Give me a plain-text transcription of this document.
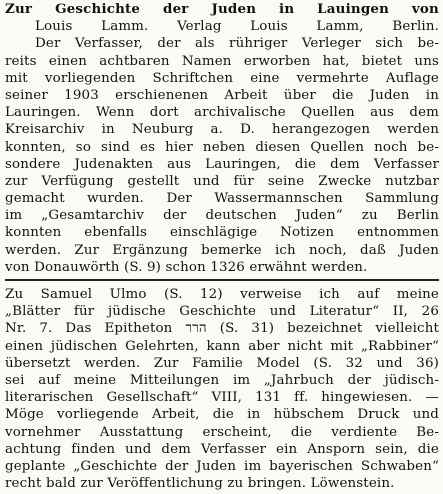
Zur Geschichte der Juden in Lauingen von
Louis Lamm. Verlag Louis Lamm, Berlin.
Der Verfasser, der als rühriger Verleger sich be-
reits einen achtbaren Namen erworben hat, bietet uns
mit vorliegenden Schriftchen eine vermehrte Auflage
seiner 1903 erschienenen Arbeit über die Juden in
Lauringen. Wenn dort archivalische Quellen aus dem
Kreisarchiv in Neuburg a. D. herangezogen werden
konnten, so sind es hier neben diesen Quellen noch be-
sondere Judenakten aus Lauringen, die dem Verfasser
zur Verfügung gestellt und für seine Zwecke nutzbar
gemacht wurden. Der Wassermannschen Sammlung
im „Gesamtarchiv der deutschen Juden“ zu Berlin
konnten ebenfalls einschlägige Notizen entnommen
werden. Zur Ergänzung bemerke ich noch, daß Juden
von Donauwörth (S. 9) schon 1326 erwähnt werden.
Zu Samuel Ulmo (S. 12) verweise ich auf meine
„Blätter für jüdische Geschichte und Literatur“ II, 26
Nr. 7. Das Epitheton הרר (S. 31) bezeichnet vielleicht
einen jüdischen Gelehrten, kann aber nicht mit „Rabbiner“
übersetzt werden. Zur Familie Model (S. 32 und 36)
sei auf meine Mitteilungen im „Jahrbuch der jüdisch-
literarischen Gesellschaft“ VIII, 131 ff. hingewiesen. —
Möge vorliegende Arbeit, die in hübschem Druck und
vornehmer Ausstattung erscheint, die verdiente Be-
achtung finden und dem Verfasser ein Ansporn sein, die
geplante „Geschichte der Juden im bayerischen Schwaben“
recht bald zur Veröffentlichung zu bringen. Löwenstein.
